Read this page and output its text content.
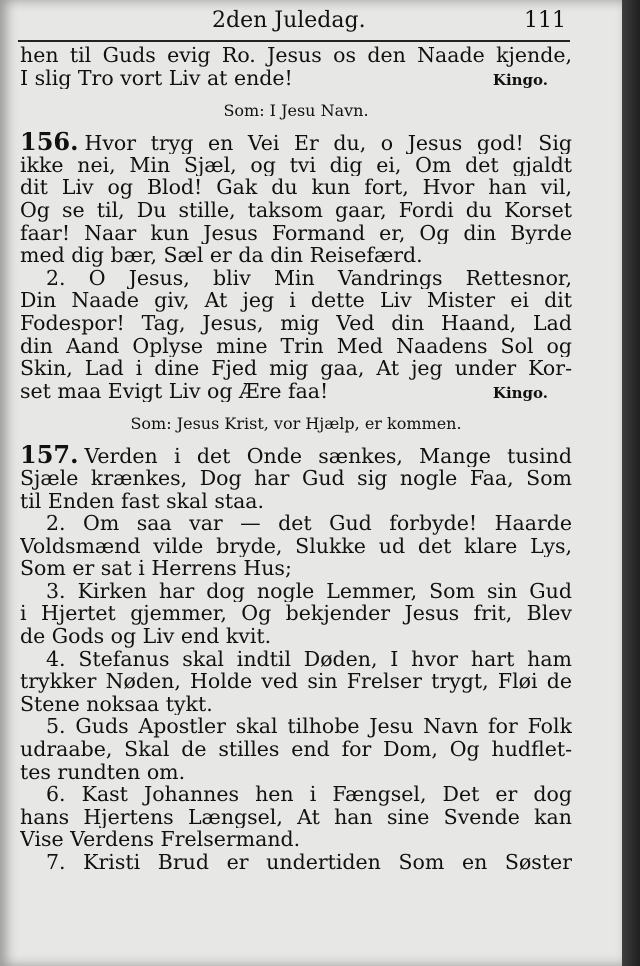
2den Juledag.	111
hen til Guds evig Ro. Jesus os den Naade kjende,
I slig Tro vort Liv at ende!	Kingo.
Som: I Jesu Navn.
156. Hvor tryg en Vei Er du, o Jesus god! Sig
ikke nei, Min Sjæl, og tvi dig ei, Om det gjaldt
dit Liv og Blod! Gak du kun fort, Hvor han vil,
Og se til, Du stille, taksom gaar, Fordi du Korset
faar! Naar kun Jesus Formand er, Og din Byrde
med dig bær, Sæl er da din Reisefærd.
2. O Jesus, bliv Min Vandrings Rettesnor,
Din Naade giv, At jeg i dette Liv Mister ei dit
Fodespor! Tag, Jesus, mig Ved din Haand, Lad
din Aand Oplyse mine Trin Med Naadens Sol og
Skin, Lad i dine Fjed mig gaa, At jeg under Kor-
set maa Evigt Liv og Ære faa!	Kingo.
Som: Jesus Krist, vor Hjælp, er kommen.
157. Verden i det Onde sænkes, Mange tusind
Sjæle krænkes, Dog har Gud sig nogle Faa, Som
til Enden fast skal staa.
2. Om saa var — det Gud forbyde! Haarde
Voldsmænd vilde bryde, Slukke ud det klare Lys,
Som er sat i Herrens Hus;
3. Kirken har dog nogle Lemmer, Som sin Gud
i Hjertet gjemmer, Og bekjender Jesus frit, Blev
de Gods og Liv end kvit.
4. Stefanus skal indtil Døden, I hvor hart ham
trykker Nøden, Holde ved sin Frelser trygt, Fløi de
Stene noksaa tykt.
5. Guds Apostler skal tilhobe Jesu Navn for Folk
udraabe, Skal de stilles end for Dom, Og hudflet-
tes rundten om.
6. Kast Johannes hen i Fængsel, Det er dog
hans Hjertens Længsel, At han sine Svende kan
Vise Verdens Frelsermand.
7. Kristi Brud er undertiden Som en Søster
